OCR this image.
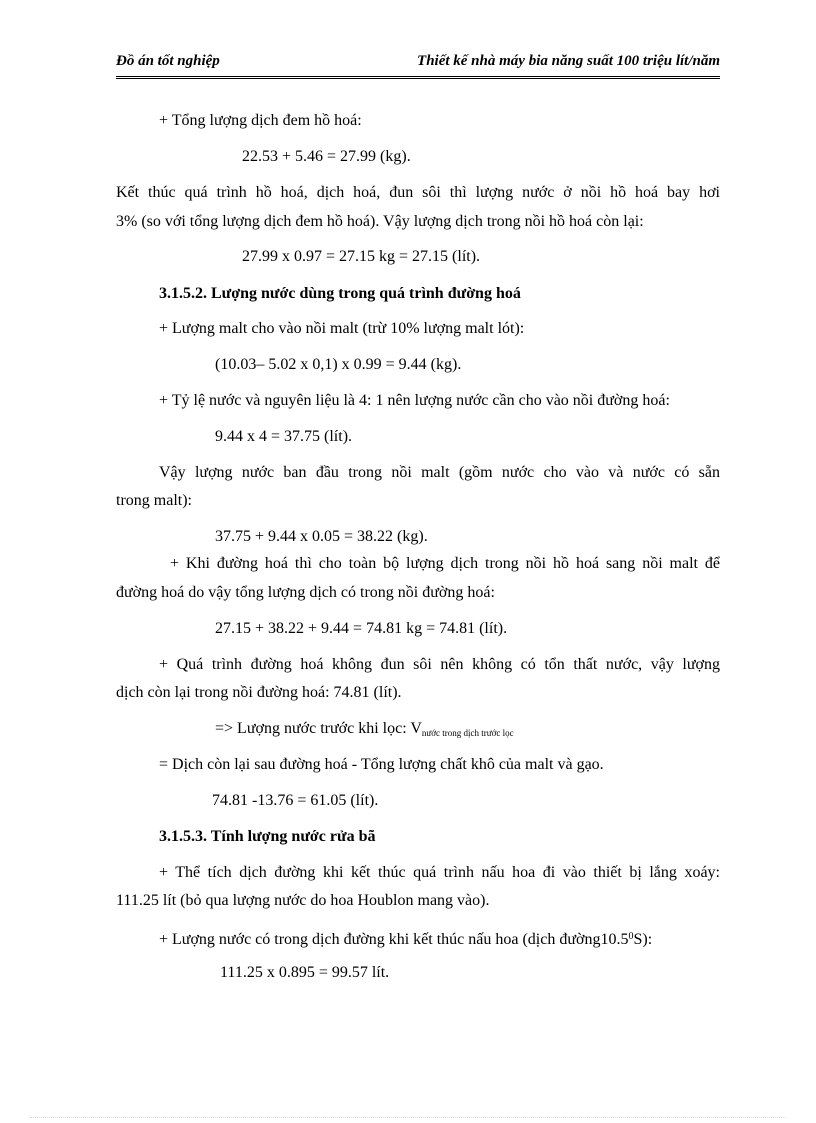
Đồ án tốt nghiệp	Thiết kế nhà máy bia năng suất 100 triệu lít/năm
+ Tổng lượng dịch đem hồ hoá:
22.53 + 5.46 = 27.99 (kg).
Kết thúc quá trình hồ hoá, dịch hoá, đun sôi thì lượng nước ở nồi hồ hoá bay hơi
3% (so với tổng lượng dịch đem hồ hoá). Vậy lượng dịch trong nồi hồ hoá còn lại:
27.99 x 0.97 = 27.15 kg = 27.15 (lít).
3.1.5.2. Lượng nước dùng trong quá trình đường hoá
+ Lượng malt cho vào nồi malt (trừ 10% lượng malt lót):
(10.03– 5.02 x 0,1) x 0.99 = 9.44 (kg).
+ Tỷ lệ nước và nguyên liệu là 4: 1 nên lượng nước cần cho vào nồi đường hoá:
9.44 x 4 = 37.75 (lít).
Vậy lượng nước ban đầu trong nồi malt (gồm nước cho vào và nước có sẵn
trong malt):
37.75 + 9.44 x 0.05 = 38.22 (kg).
+ Khi đường hoá thì cho toàn bộ lượng dịch trong nồi hồ hoá sang nồi malt để
đường hoá do vậy tổng lượng dịch có trong nồi đường hoá:
27.15 + 38.22 + 9.44 = 74.81 kg = 74.81 (lít).
+ Quá trình đường hoá không đun sôi nên không có tổn thất nước, vậy lượng
dịch còn lại trong nồi đường hoá: 74.81 (lít).
=> Lượng nước trước khi lọc: $V_{nước trong dịch trước lọc}$
= Dịch còn lại sau đường hoá - Tổng lượng chất khô của malt và gạo.
74.81 -13.76 = 61.05 (lít).
3.1.5.3. Tính lượng nước rửa bã
+ Thể tích dịch đường khi kết thúc quá trình nấu hoa đi vào thiết bị lắng xoáy:
111.25 lít (bỏ qua lượng nước do hoa Houblon mang vào).
+ Lượng nước có trong dịch đường khi kết thúc nấu hoa (dịch đường10.5$^0$S):
111.25 x 0.895 = 99.57 lít.
